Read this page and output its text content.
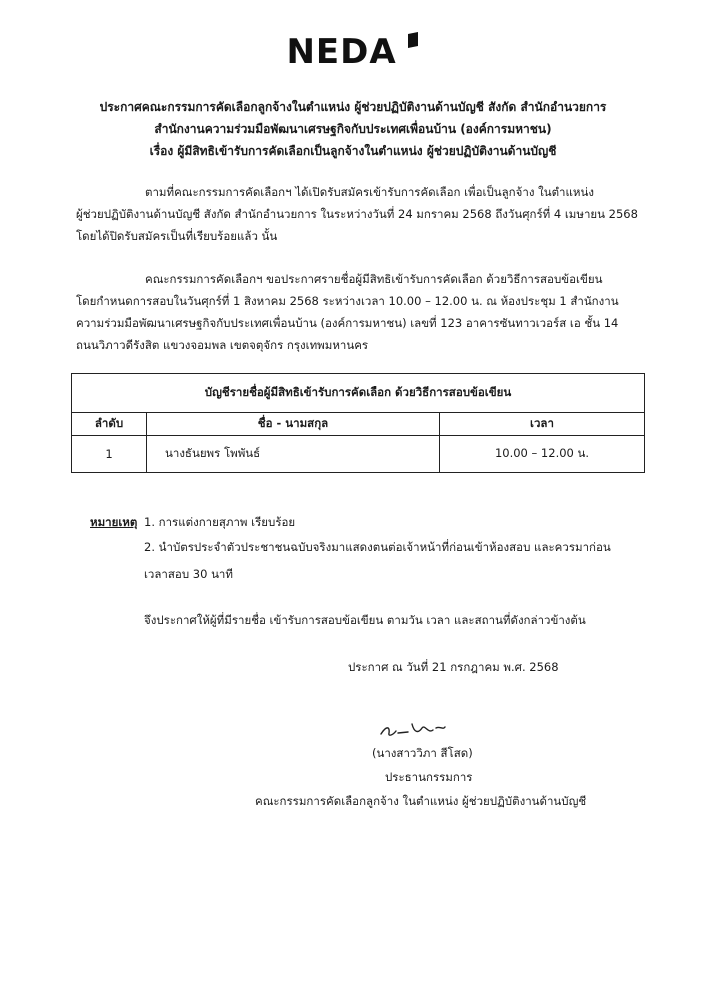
NEDA
ประกาศคณะกรรมการคัดเลือกลูกจ้างในตำแหน่ง ผู้ช่วยปฏิบัติงานด้านบัญชี สังกัด สำนักอำนวยการ
สำนักงานความร่วมมือพัฒนาเศรษฐกิจกับประเทศเพื่อนบ้าน (องค์การมหาชน)
เรื่อง ผู้มีสิทธิเข้ารับการคัดเลือกเป็นลูกจ้างในตำแหน่ง ผู้ช่วยปฏิบัติงานด้านบัญชี
ตามที่คณะกรรมการคัดเลือกฯ ได้เปิดรับสมัครเข้ารับการคัดเลือก เพื่อเป็นลูกจ้าง ในตำแหน่ง
ผู้ช่วยปฏิบัติงานด้านบัญชี สังกัด สำนักอำนวยการ ในระหว่างวันที่ 24 มกราคม 2568 ถึงวันศุกร์ที่ 4 เมษายน 2568
โดยได้ปิดรับสมัครเป็นที่เรียบร้อยแล้ว นั้น
คณะกรรมการคัดเลือกฯ ขอประกาศรายชื่อผู้มีสิทธิเข้ารับการคัดเลือก ด้วยวิธีการสอบข้อเขียน
โดยกำหนดการสอบในวันศุกร์ที่ 1 สิงหาคม 2568 ระหว่างเวลา 10.00 – 12.00 น. ณ ห้องประชุม 1 สำนักงาน
ความร่วมมือพัฒนาเศรษฐกิจกับประเทศเพื่อนบ้าน (องค์การมหาชน) เลขที่ 123 อาคารซันทาวเวอร์ส เอ ชั้น 14
ถนนวิภาวดีรังสิต แขวงจอมพล เขตจตุจักร กรุงเทพมหานคร
บัญชีรายชื่อผู้มีสิทธิเข้ารับการคัดเลือก ด้วยวิธีการสอบข้อเขียน		
ลำดับ	ชื่อ - นามสกุล	เวลา
1	นางธันยพร โพพันธ์	10.00 – 12.00 น.
หมายเหตุ 1. การแต่งกายสุภาพ เรียบร้อย
2. นำบัตรประจำตัวประชาชนฉบับจริงมาแสดงตนต่อเจ้าหน้าที่ก่อนเข้าห้องสอบ และควรมาก่อน
เวลาสอบ 30 นาที
จึงประกาศให้ผู้ที่มีรายชื่อ เข้ารับการสอบข้อเขียน ตามวัน เวลา และสถานที่ดังกล่าวข้างต้น
ประกาศ ณ วันที่ 21 กรกฎาคม พ.ศ. 2568
(นางสาววิภา สีโสด)
ประธานกรรมการ
คณะกรรมการคัดเลือกลูกจ้าง ในตำแหน่ง ผู้ช่วยปฏิบัติงานด้านบัญชี
